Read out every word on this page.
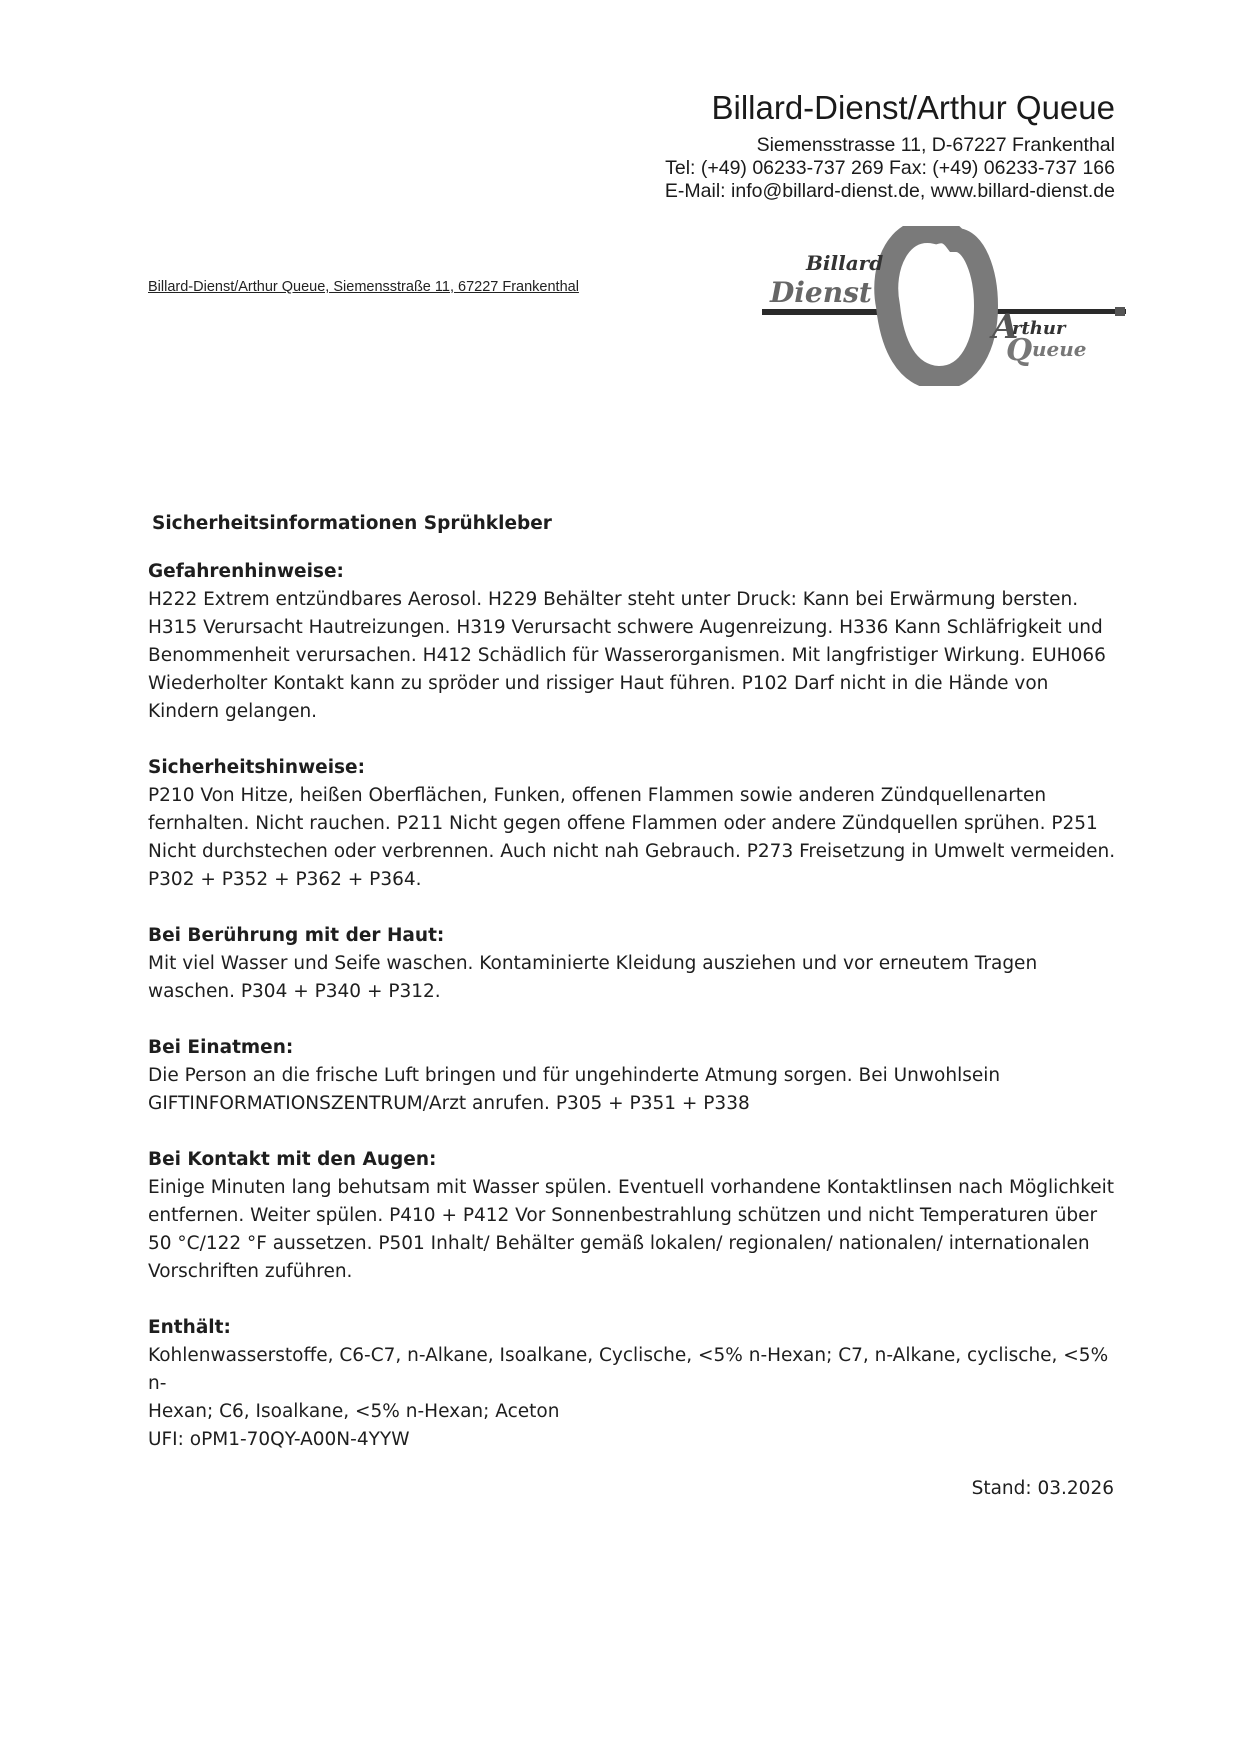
Billard-Dienst/Arthur Queue
Siemensstrasse 11, D-67227 Frankenthal
Tel: (+49) 06233-737 269 Fax: (+49) 06233-737 166
E-Mail: info@billard-dienst.de, www.billard-dienst.de
Billard-Dienst/Arthur Queue, Siemensstraße 11, 67227 Frankenthal
Billard
Dienst
A
rthur
Q ueue
Sicherheitsinformationen Sprühkleber
Gefahrenhinweise:
H222 Extrem entzündbares Aerosol. H229 Behälter steht unter Druck: Kann bei Erwärmung bersten.
H315 Verursacht Hautreizungen. H319 Verursacht schwere Augenreizung. H336 Kann Schläfrigkeit und
Benommenheit verursachen. H412 Schädlich für Wasserorganismen. Mit langfristiger Wirkung. EUH066
Wiederholter Kontakt kann zu spröder und rissiger Haut führen. P102 Darf nicht in die Hände von
Kindern gelangen.
Sicherheitshinweise:
P210 Von Hitze, heißen Oberflächen, Funken, offenen Flammen sowie anderen Zündquellenarten
fernhalten. Nicht rauchen. P211 Nicht gegen offene Flammen oder andere Zündquellen sprühen. P251
Nicht durchstechen oder verbrennen. Auch nicht nah Gebrauch. P273 Freisetzung in Umwelt vermeiden.
P302 + P352 + P362 + P364.
Bei Berührung mit der Haut:
Mit viel Wasser und Seife waschen. Kontaminierte Kleidung ausziehen und vor erneutem Tragen
waschen. P304 + P340 + P312.
Bei Einatmen:
Die Person an die frische Luft bringen und für ungehinderte Atmung sorgen. Bei Unwohlsein
GIFTINFORMATIONSZENTRUM/Arzt anrufen. P305 + P351 + P338
Bei Kontakt mit den Augen:
Einige Minuten lang behutsam mit Wasser spülen. Eventuell vorhandene Kontaktlinsen nach Möglichkeit
entfernen. Weiter spülen. P410 + P412 Vor Sonnenbestrahlung schützen und nicht Temperaturen über
50 °C/122 °F aussetzen. P501 Inhalt/ Behälter gemäß lokalen/ regionalen/ nationalen/ internationalen
Vorschriften zuführen.
Enthält:
Kohlenwasserstoffe, C6-C7, n-Alkane, Isoalkane, Cyclische, <5% n-Hexan; C7, n-Alkane, cyclische, <5% n-
Hexan; C6, Isoalkane, <5% n-Hexan; Aceton
UFI: oPM1-70QY-A00N-4YYW
Stand: 03.2026
